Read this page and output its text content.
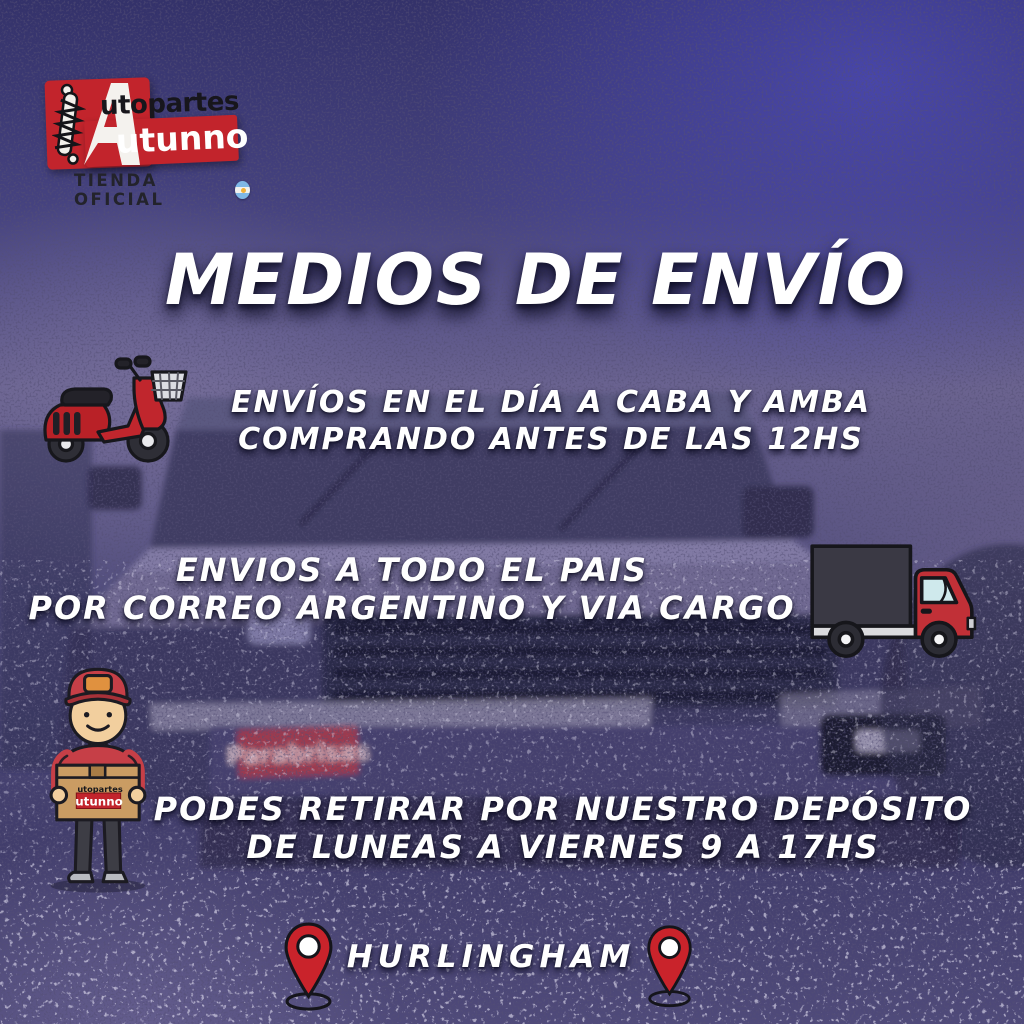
utopartes
utunno
TIENDA OFICIAL
MEDIOS DE ENVÍO
ENVÍOS EN EL DÍA A CABA Y AMBA
COMPRANDO ANTES DE LAS 12HS
ENVIOS A TODO EL PAIS
POR CORREO ARGENTINO Y VIA CARGO
utopartes
utunno PODES RETIRAR POR NUESTRO DEPÓSITO
DE LUNEAS A VIERNES 9 A 17HS
HURLINGHAM
